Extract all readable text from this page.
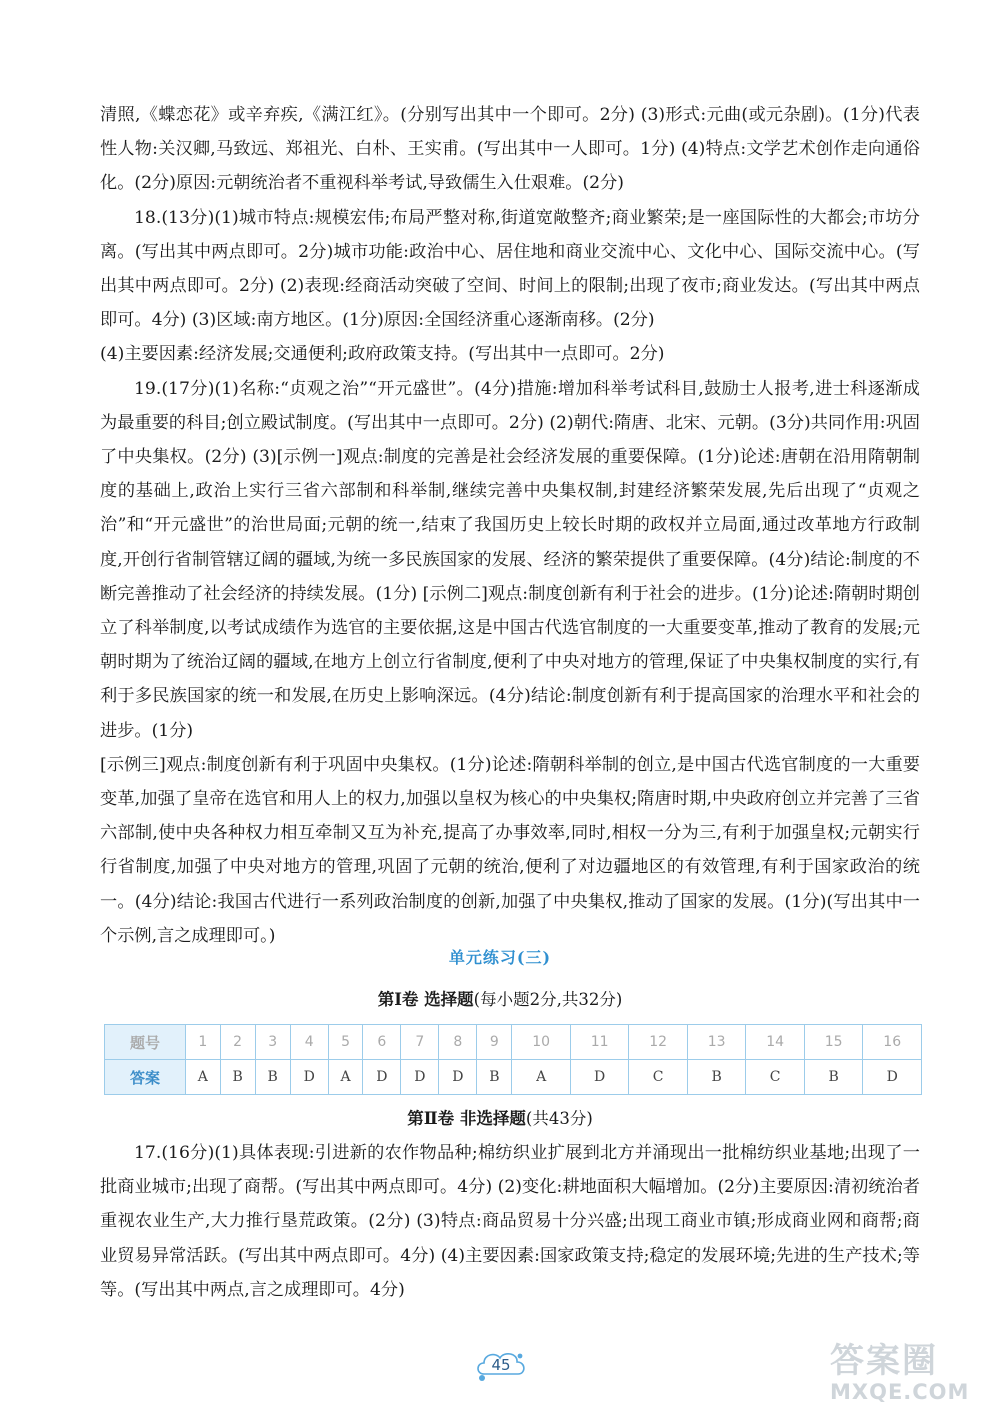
清照,《蝶恋花》或辛弃疾,《满江红》。(分别写出其中一个即可。2分) (3)形式:元曲(或元杂剧)。(1分)代表性人物:关汉卿,马致远、郑祖光、白朴、王实甫。(写出其中一人即可。1分) (4)特点:文学艺术创作走向通俗化。(2分)原因:元朝统治者不重视科举考试,导致儒生入仕艰难。(2分)

18.(13分)(1)城市特点:规模宏伟;布局严整对称,街道宽敞整齐;商业繁荣;是一座国际性的大都会;市坊分离。(写出其中两点即可。2分)城市功能:政治中心、居住地和商业交流中心、文化中心、国际交流中心。(写出其中两点即可。2分) (2)表现:经商活动突破了空间、时间上的限制;出现了夜市;商业发达。(写出其中两点即可。4分) (3)区域:南方地区。(1分)原因:全国经济重心逐渐南移。(2分)

(4)主要因素:经济发展;交通便利;政府政策支持。(写出其中一点即可。2分)

19.(17分)(1)名称:“贞观之治”“开元盛世”。(4分)措施:增加科举考试科目,鼓励士人报考,进士科逐渐成为最重要的科目;创立殿试制度。(写出其中一点即可。2分) (2)朝代:隋唐、北宋、元朝。(3分)共同作用:巩固了中央集权。(2分) (3)[示例一]观点:制度的完善是社会经济发展的重要保障。(1分)论述:唐朝在沿用隋朝制度的基础上,政治上实行三省六部制和科举制,继续完善中央集权制,封建经济繁荣发展,先后出现了“贞观之治”和“开元盛世”的治世局面;元朝的统一,结束了我国历史上较长时期的政权并立局面,通过改革地方行政制度,开创行省制管辖辽阔的疆域,为统一多民族国家的发展、经济的繁荣提供了重要保障。(4分)结论:制度的不断完善推动了社会经济的持续发展。(1分) [示例二]观点:制度创新有利于社会的进步。(1分)论述:隋朝时期创立了科举制度,以考试成绩作为选官的主要依据,这是中国古代选官制度的一大重要变革,推动了教育的发展;元朝时期为了统治辽阔的疆域,在地方上创立行省制度,便利了中央对地方的管理,保证了中央集权制度的实行,有利于多民族国家的统一和发展,在历史上影响深远。(4分)结论:制度创新有利于提高国家的治理水平和社会的进步。(1分)

[示例三]观点:制度创新有利于巩固中央集权。(1分)论述:隋朝科举制的创立,是中国古代选官制度的一大重要变革,加强了皇帝在选官和用人上的权力,加强以皇权为核心的中央集权;隋唐时期,中央政府创立并完善了三省六部制,使中央各种权力相互牵制又互为补充,提高了办事效率,同时,相权一分为三,有利于加强皇权;元朝实行行省制度,加强了中央对地方的管理,巩固了元朝的统治,便利了对边疆地区的有效管理,有利于国家政治的统一。(4分)结论:我国古代进行一系列政治制度的创新,加强了中央集权,推动了国家的发展。(1分)(写出其中一个示例,言之成理即可。)

单元练习(三)
第Ⅰ卷 选择题(每小题2分,共32分)
题号	1	2	3	4	5	6	7	8	9	10	11	12	13	14	15	16
答案	A	B	B	D	A	D	D	D	B	A	D	C	B	C	B	D
第Ⅱ卷 非选择题(共43分)

17.(16分)(1)具体表现:引进新的农作物品种;棉纺织业扩展到北方并涌现出一批棉纺织业基地;出现了一批商业城市;出现了商帮。(写出其中两点即可。4分) (2)变化:耕地面积大幅增加。(2分)主要原因:清初统治者重视农业生产,大力推行垦荒政策。(2分) (3)特点:商品贸易十分兴盛;出现工商业市镇;形成商业网和商帮;商业贸易异常活跃。(写出其中两点即可。4分) (4)主要因素:国家政策支持;稳定的发展环境;先进的生产技术;等等。(写出其中两点,言之成理即可。4分)

45	答案圈
MXQE.COM
